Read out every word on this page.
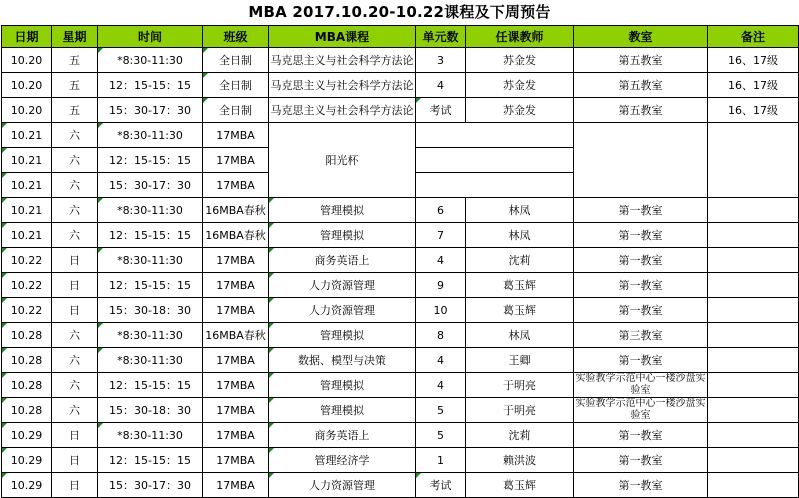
MBA 2017.10.20-10.22课程及下周预告
日期	星期	时间	班级	MBA课程	单元数	任课教师	教室	备注
10.20	五	*8:30-11:30	全日制	马克思主义与社会科学方法论	3	苏金发	第五教室	16、17级
10.20	五	12：15-15：15	全日制	马克思主义与社会科学方法论	4	苏金发	第五教室	16、17级
10.20	五	15：30-17：30	全日制	马克思主义与社会科学方法论	考试	苏金发	第五教室	16、17级
10.21	六	*8:30-11:30	17MBA	阳光杯				
10.21	六	12：15-15：15	17MBA					
10.21	六	15：30-17：30	17MBA					
10.21	六	*8:30-11:30	16MBA春秋	管理模拟	6	林凤	第一教室	
10.21	六	12：15-15：15	16MBA春秋	管理模拟	7	林凤	第一教室	
10.22	日	*8:30-11:30	17MBA	商务英语上	4	沈莉	第一教室	
10.22	日	12：15-15：15	17MBA	人力资源管理	9	葛玉辉	第一教室	
10.22	日	15：30-18：30	17MBA	人力资源管理	10	葛玉辉	第一教室	
10.28	六	*8:30-11:30	16MBA春秋	管理模拟	8	林凤	第三教室	
10.28	六	*8:30-11:30	17MBA	数据、模型与决策	4	王卿	第一教室	
10.28	六	12：15-15：15	17MBA	管理模拟	4	于明亮	实验教学示范中心一楼沙盘实验室	
10.28	六	15：30-18：30	17MBA	管理模拟	5	于明亮	实验教学示范中心一楼沙盘实验室	
10.29	日	*8:30-11:30	17MBA	商务英语上	5	沈莉	第一教室	
10.29	日	12：15-15：15	17MBA	管理经济学	1	赖洪波	第一教室	
10.29	日	15：30-17：30	17MBA	人力资源管理	考试	葛玉辉	第一教室	
